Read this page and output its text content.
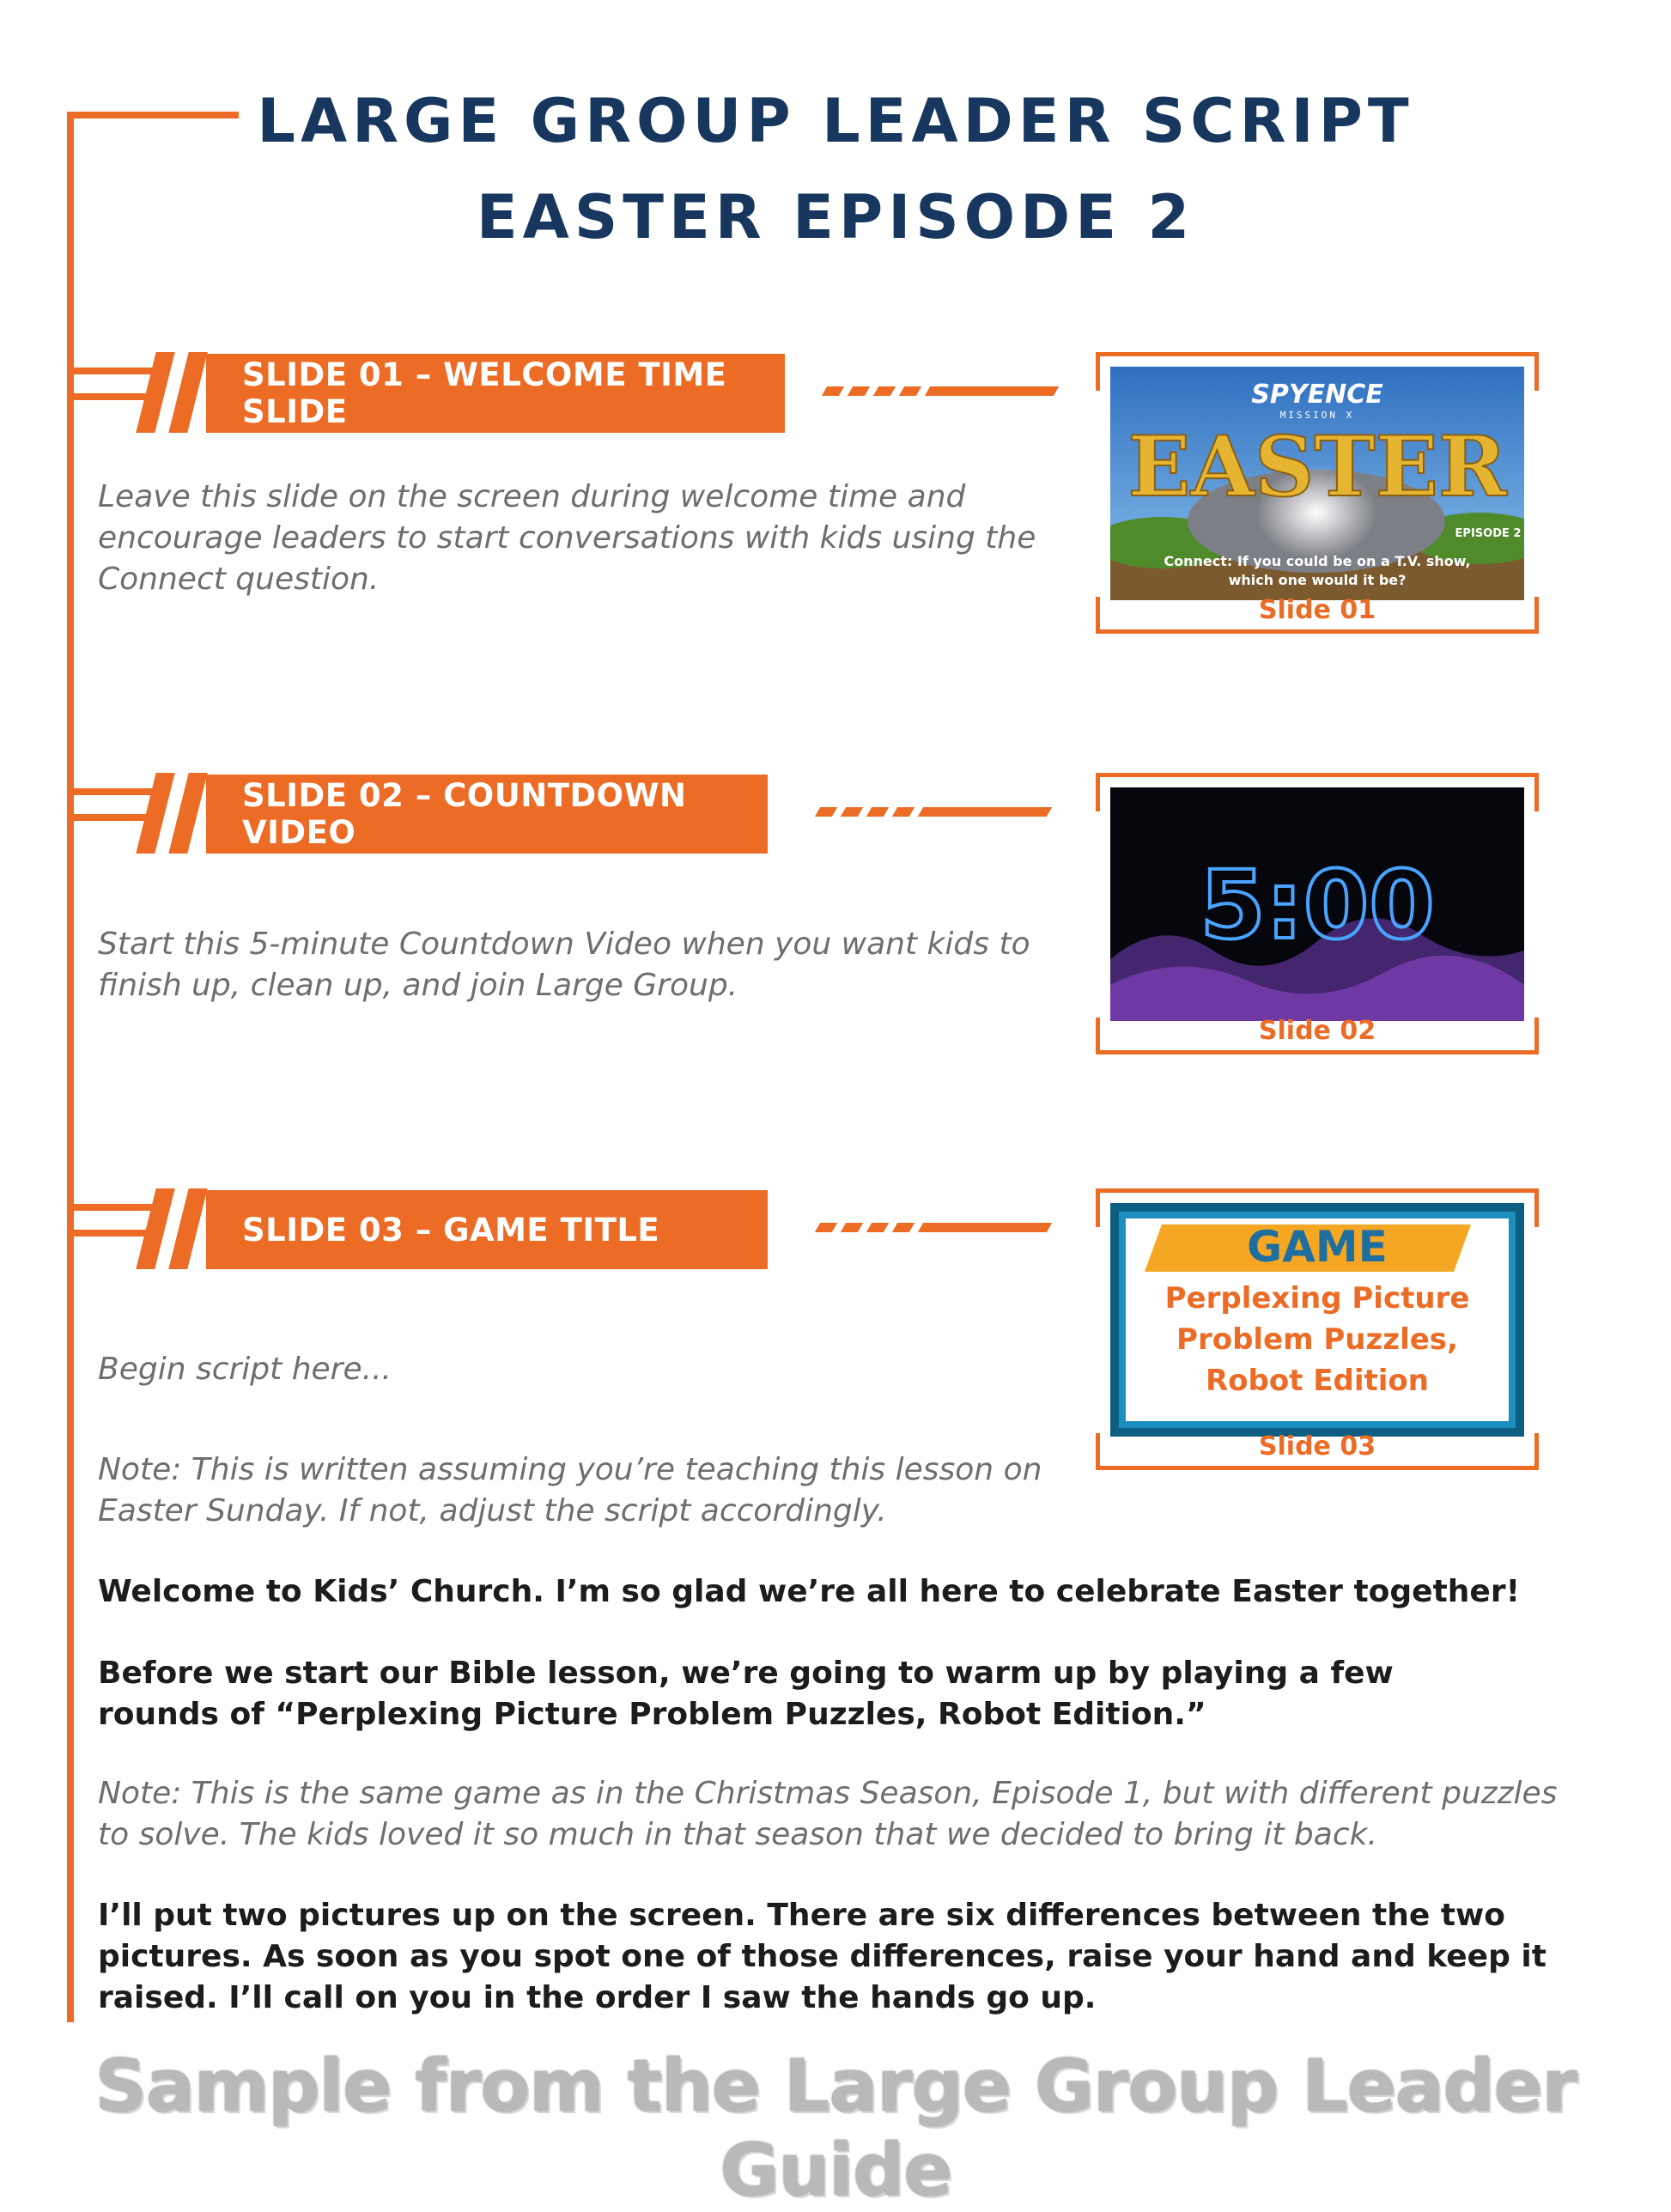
LARGE GROUP LEADER SCRIPT
EASTER EPISODE 2
SLIDE 01 – WELCOME TIME SLIDE
Leave this slide on the screen during welcome time and encourage leaders to start conversations with kids using the Connect question.
SPYENCE
MISSION X
EASTER
EPISODE 2
Connect: If you could be on a T.V. show,
which one would it be?
Slide 01
SLIDE 02 – COUNTDOWN VIDEO
Start this 5-minute Countdown Video when you want kids to finish up, clean up, and join Large Group.
5:00
Slide 02
SLIDE 03 – GAME TITLE
Begin script here...
Note: This is written assuming you’re teaching this lesson on Easter Sunday. If not, adjust the script accordingly.
GAME
Perplexing Picture
Problem Puzzles,
Robot Edition
Slide 03
Welcome to Kids’ Church. I’m so glad we’re all here to celebrate Easter together!
Before we start our Bible lesson, we’re going to warm up by playing a few rounds of “Perplexing Picture Problem Puzzles, Robot Edition.”
Note: This is the same game as in the Christmas Season, Episode 1, but with different puzzles to solve. The kids loved it so much in that season that we decided to bring it back.
I’ll put two pictures up on the screen. There are six differences between the two pictures. As soon as you spot one of those differences, raise your hand and keep it raised. I’ll call on you in the order I saw the hands go up.
Sample from the Large Group Leader Guide
